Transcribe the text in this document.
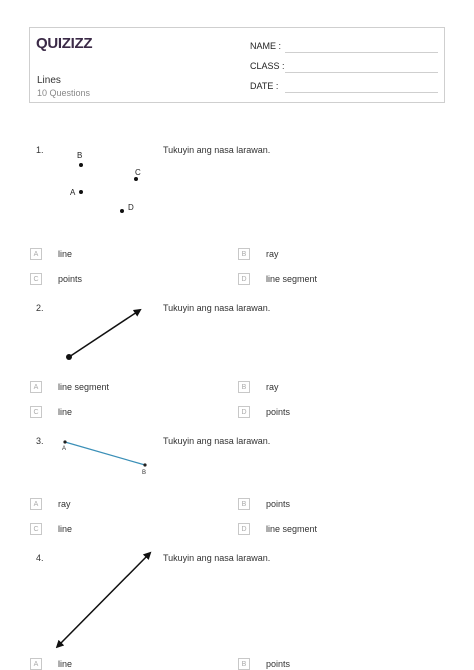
QUIZIZZ
Lines
10 Questions
NAME :
CLASS :
DATE :
1.	Tukuyin ang nasa larawan.
B
C
A
D
A	line	B	ray
C	points	D	line segment
2.	Tukuyin ang nasa larawan.
A	line segment	B	ray
C	line	D	points
3.	Tukuyin ang nasa larawan.
A
B
A	ray	B	points
C	line	D	line segment
4.	Tukuyin ang nasa larawan.
A	line	B	points
